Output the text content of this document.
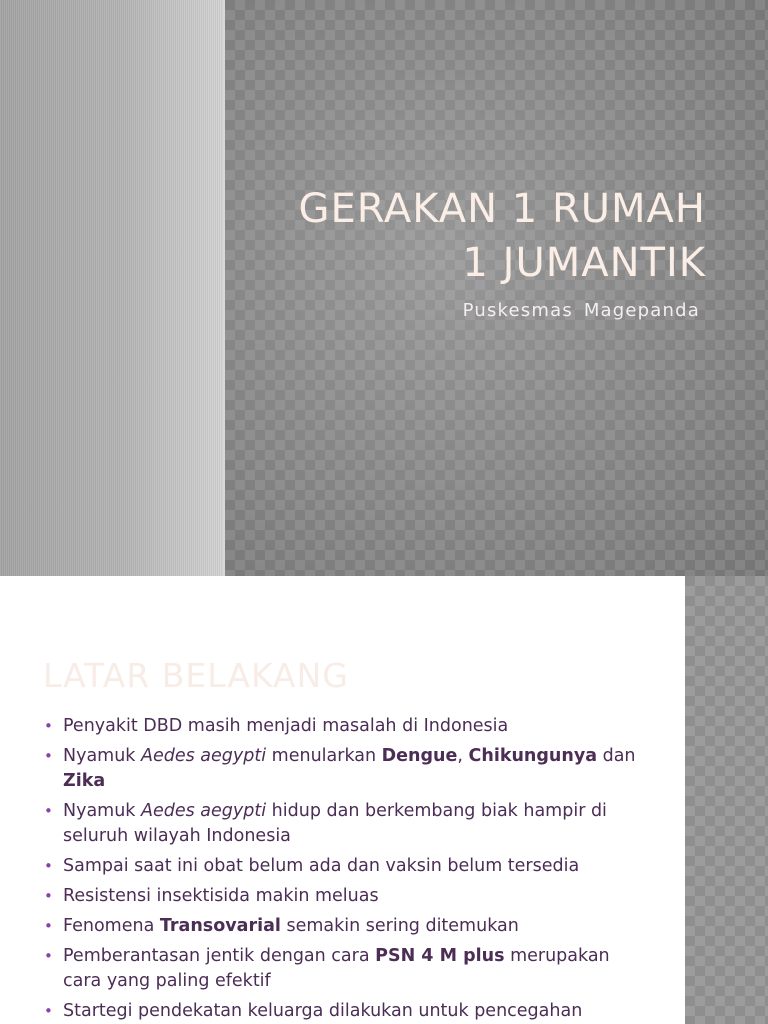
GERAKAN 1 RUMAH
1 JUMANTIK

Puskesmas Magepanda

LATAR BELAKANG
• Penyakit DBD masih menjadi masalah di Indonesia
• Nyamuk Aedes aegypti menularkan Dengue, Chikungunya dan Zika
• Nyamuk Aedes aegypti hidup dan berkembang biak hampir di seluruh wilayah Indonesia
• Sampai saat ini obat belum ada dan vaksin belum tersedia
• Resistensi insektisida makin meluas
• Fenomena Transovarial semakin sering ditemukan
• Pemberantasan jentik dengan cara PSN 4 M plus merupakan cara yang paling efektif
• Startegi pendekatan keluarga dilakukan untuk pencegahan
